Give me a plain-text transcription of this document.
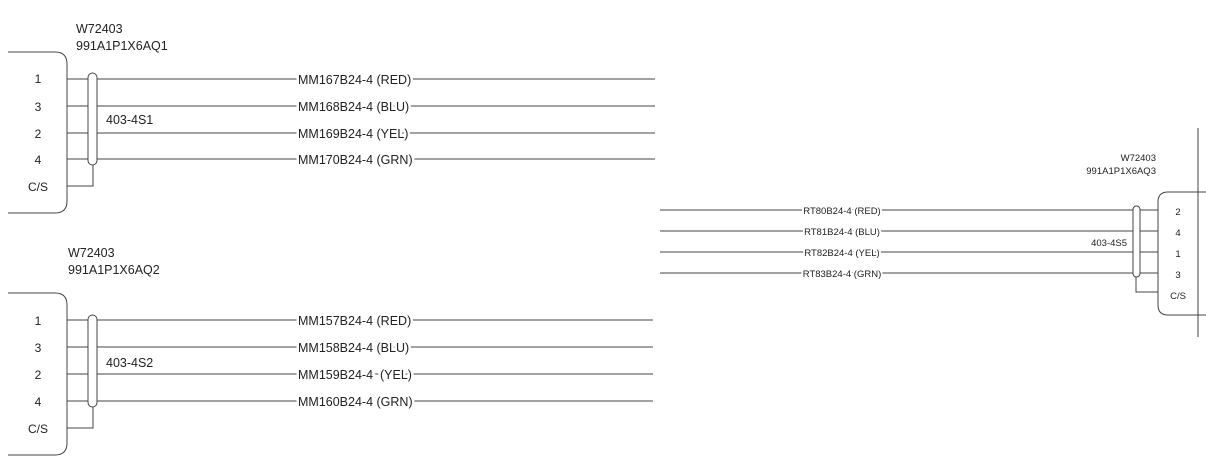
W72403
991A1P1X6AQ1
1
3
2
4
C/S
403-4S1
MM167B24-4 (RED)
MM168B24-4 (BLU)
MM169B24-4 (YEL)
MM170B24-4 (GRN)
W72403
991A1P1X6AQ2
1
3
2
4
C/S
403-4S2
MM157B24-4 (RED)
MM158B24-4 (BLU)
MM159B24-4  (YEL)
MM160B24-4 (GRN)
W72403
991A1P1X6AQ3
2
4
1
3
C/S
403-4S5
RT80B24-4 (RED)
RT81B24-4 (BLU)
RT82B24-4 (YEL)
RT83B24-4 (GRN)
